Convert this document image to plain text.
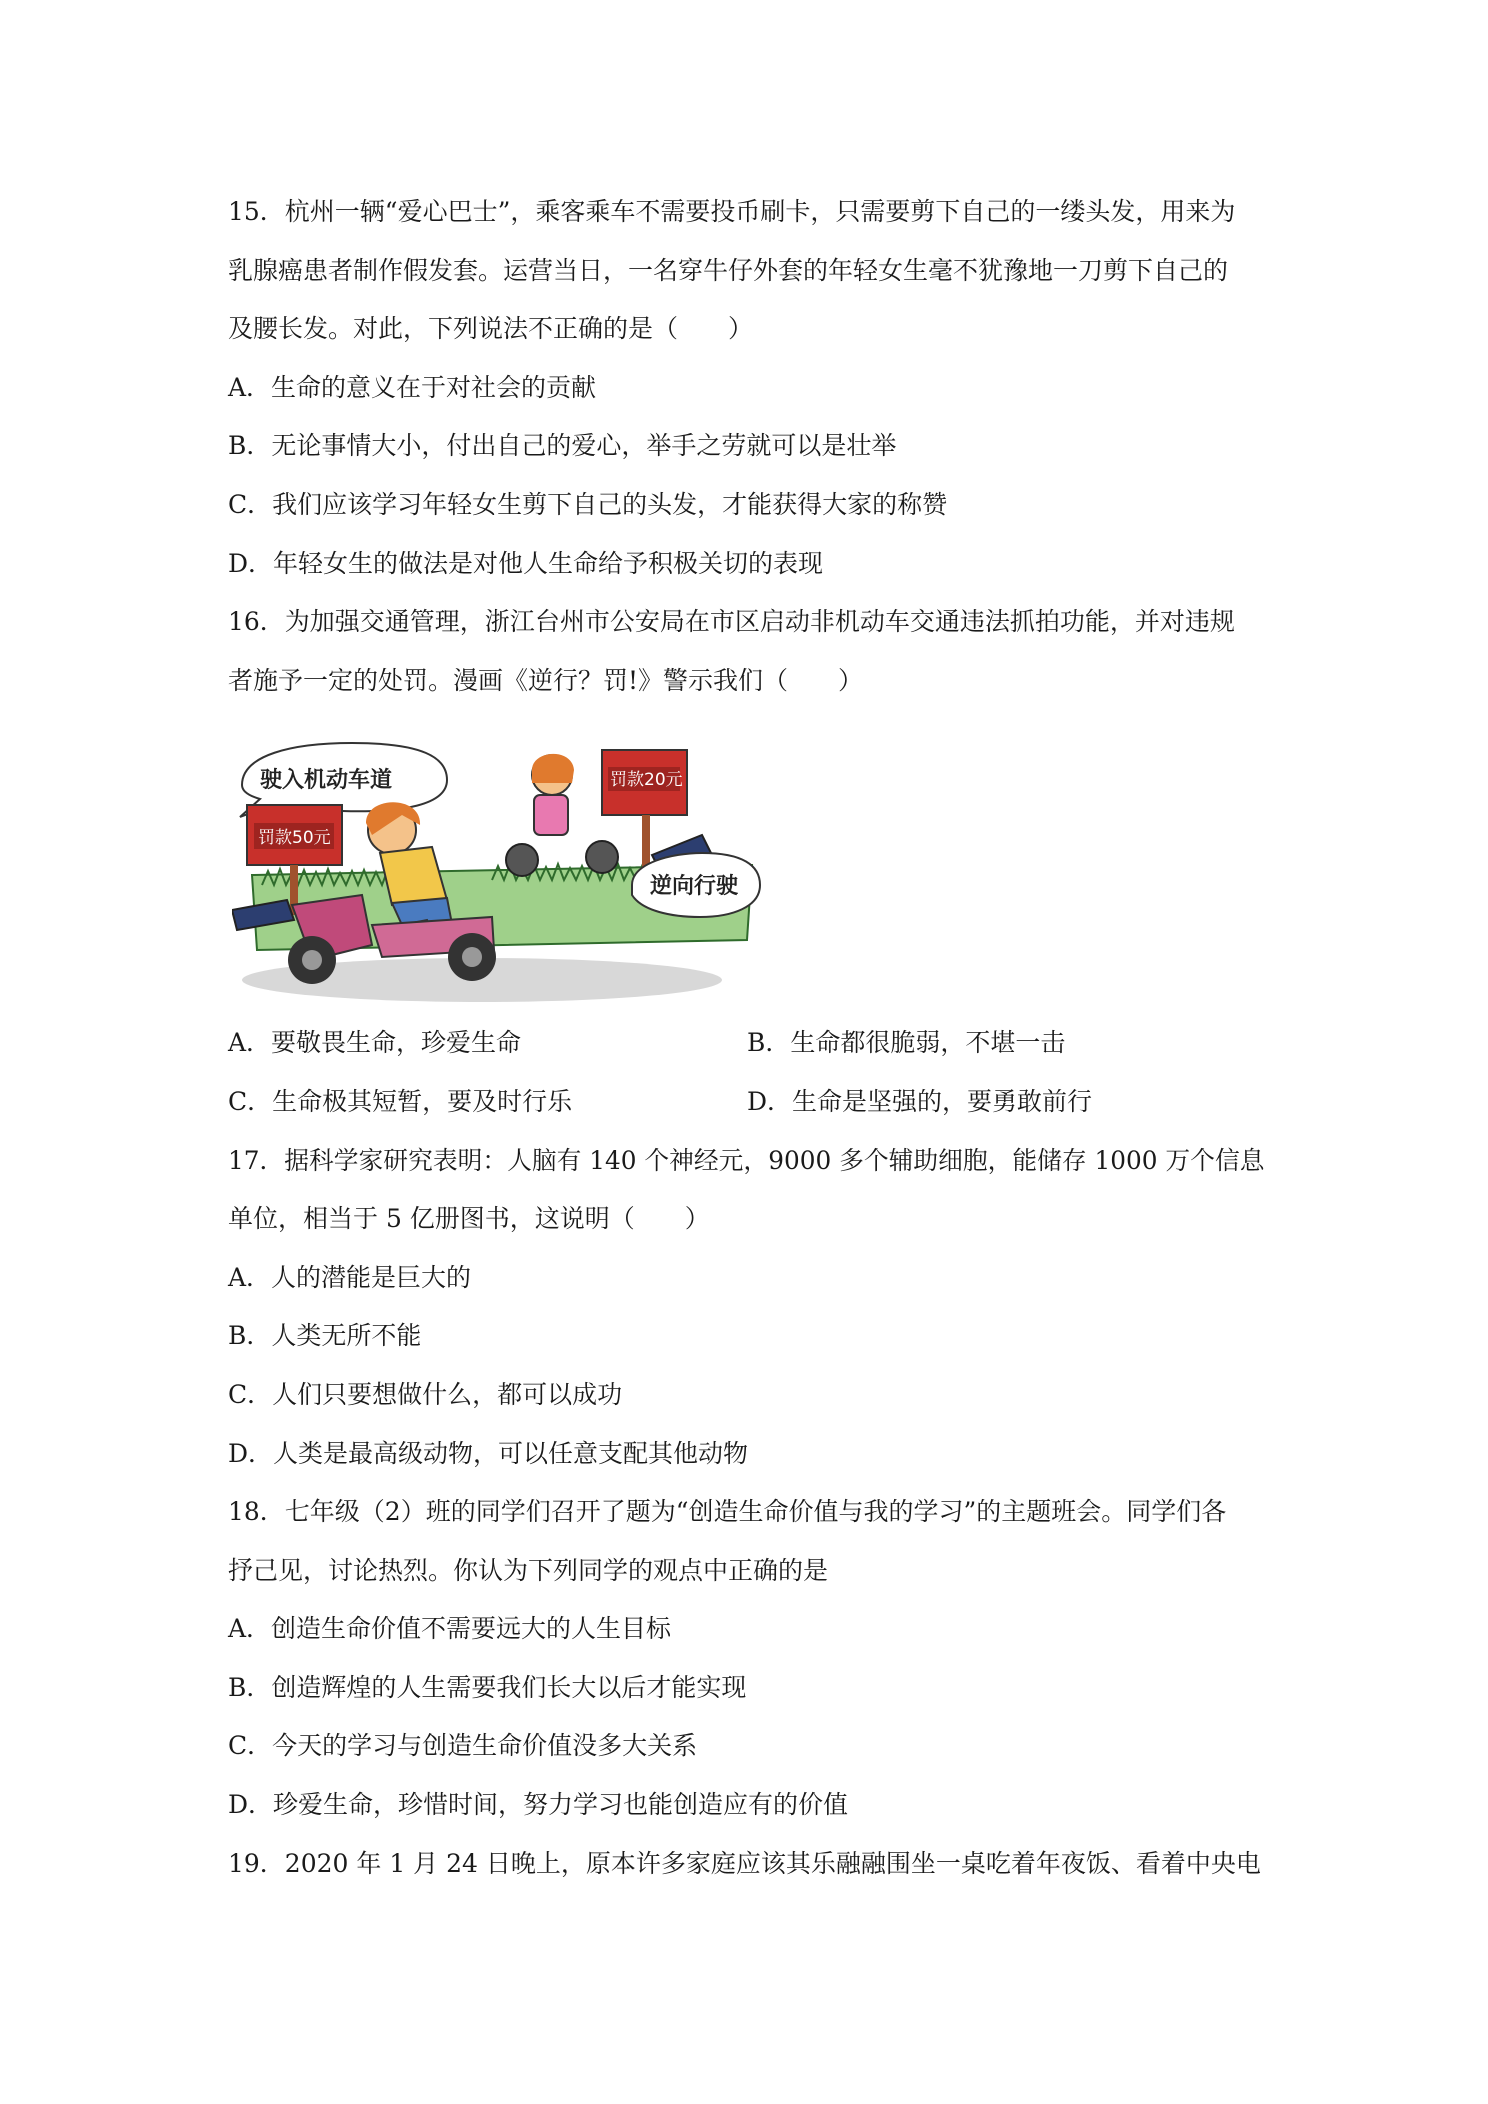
15．杭州一辆“爱心巴士”，乘客乘车不需要投币刷卡，只需要剪下自己的一缕头发，用来为
乳腺癌患者制作假发套。运营当日，一名穿牛仔外套的年轻女生毫不犹豫地一刀剪下自己的
及腰长发。对此，下列说法不正确的是（　　）
A．生命的意义在于对社会的贡献
B．无论事情大小，付出自己的爱心，举手之劳就可以是壮举
C．我们应该学习年轻女生剪下自己的头发，才能获得大家的称赞
D．年轻女生的做法是对他人生命给予积极关切的表现
16．为加强交通管理，浙江台州市公安局在市区启动非机动车交通违法抓拍功能，并对违规
者施予一定的处罚。漫画《逆行？罚!》警示我们（　　）
驶入机动车道
罚款50元
罚款20元
逆向行驶
A．要敬畏生命，珍爱生命	B．生命都很脆弱，不堪一击
C．生命极其短暂，要及时行乐	D．生命是坚强的，要勇敢前行
17．据科学家研究表明：人脑有 140 个神经元，9000 多个辅助细胞，能储存 1000 万个信息
单位，相当于 5 亿册图书，这说明（　　）
A．人的潜能是巨大的
B．人类无所不能
C．人们只要想做什么，都可以成功
D．人类是最高级动物，可以任意支配其他动物
18．七年级（2）班的同学们召开了题为“创造生命价值与我的学习”的主题班会。同学们各
抒己见，讨论热烈。你认为下列同学的观点中正确的是
A．创造生命价值不需要远大的人生目标
B．创造辉煌的人生需要我们长大以后才能实现
C．今天的学习与创造生命价值没多大关系
D．珍爱生命，珍惜时间，努力学习也能创造应有的价值
19．2020 年 1 月 24 日晚上，原本许多家庭应该其乐融融围坐一桌吃着年夜饭、看着中央电
